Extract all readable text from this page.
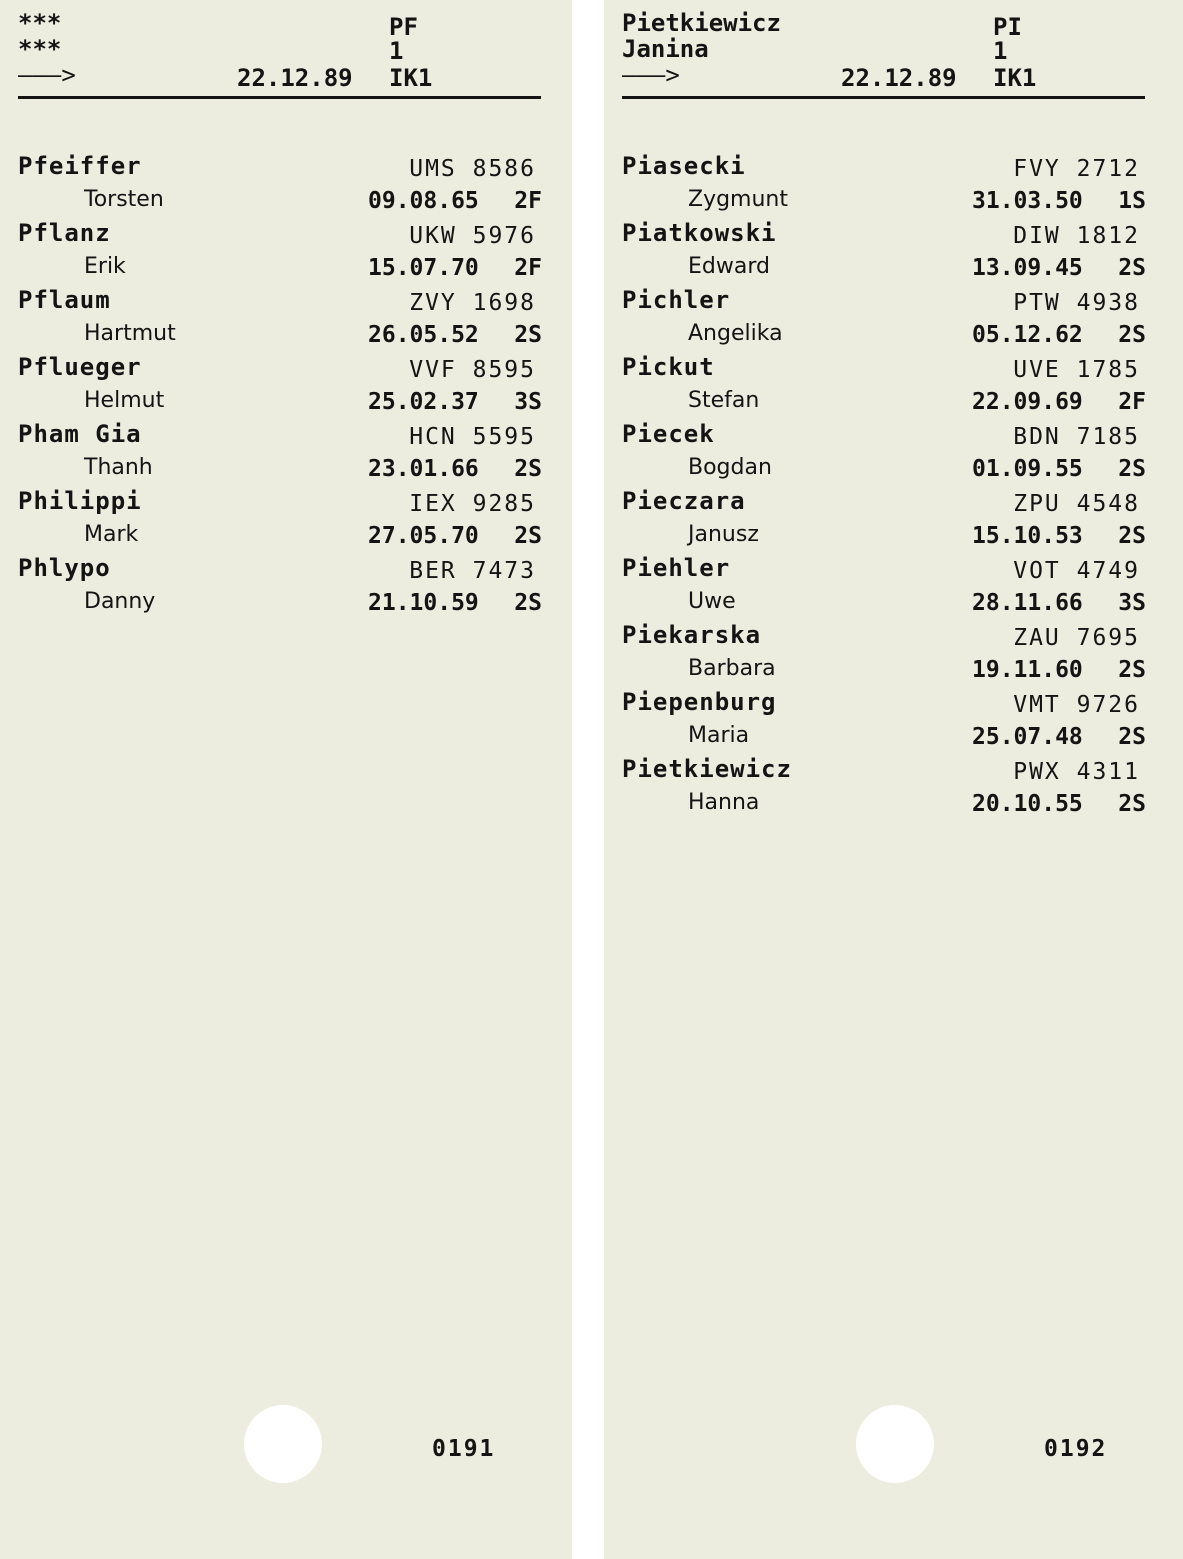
***	PF
***	1
———>	22.12.89 IK1
Pfeiffer	UMS 8586
Torsten	09.08.65 2F
Pflanz	UKW 5976
Erik	15.07.70 2F
Pflaum	ZVY 1698
Hartmut	26.05.52 2S
Pflueger	VVF 8595
Helmut	25.02.37 3S
Pham Gia	HCN 5595
Thanh	23.01.66 2S
Philippi	IEX 9285
Mark	27.05.70 2S
Phlypo	BER 7473
Danny	21.10.59 2S
0191
Pietkiewicz	PI
Janina	1
———>	22.12.89 IK1
Piasecki	FVY 2712
Zygmunt	31.03.50 1S
Piatkowski	DIW 1812
Edward	13.09.45 2S
Pichler	PTW 4938
Angelika	05.12.62 2S
Pickut	UVE 1785
Stefan	22.09.69 2F
Piecek	BDN 7185
Bogdan	01.09.55 2S
Pieczara	ZPU 4548
Janusz	15.10.53 2S
Piehler	VOT 4749
Uwe	28.11.66 3S
Piekarska	ZAU 7695
Barbara	19.11.60 2S
Piepenburg	VMT 9726
Maria	25.07.48 2S
Pietkiewicz	PWX 4311
Hanna	20.10.55 2S
0192
